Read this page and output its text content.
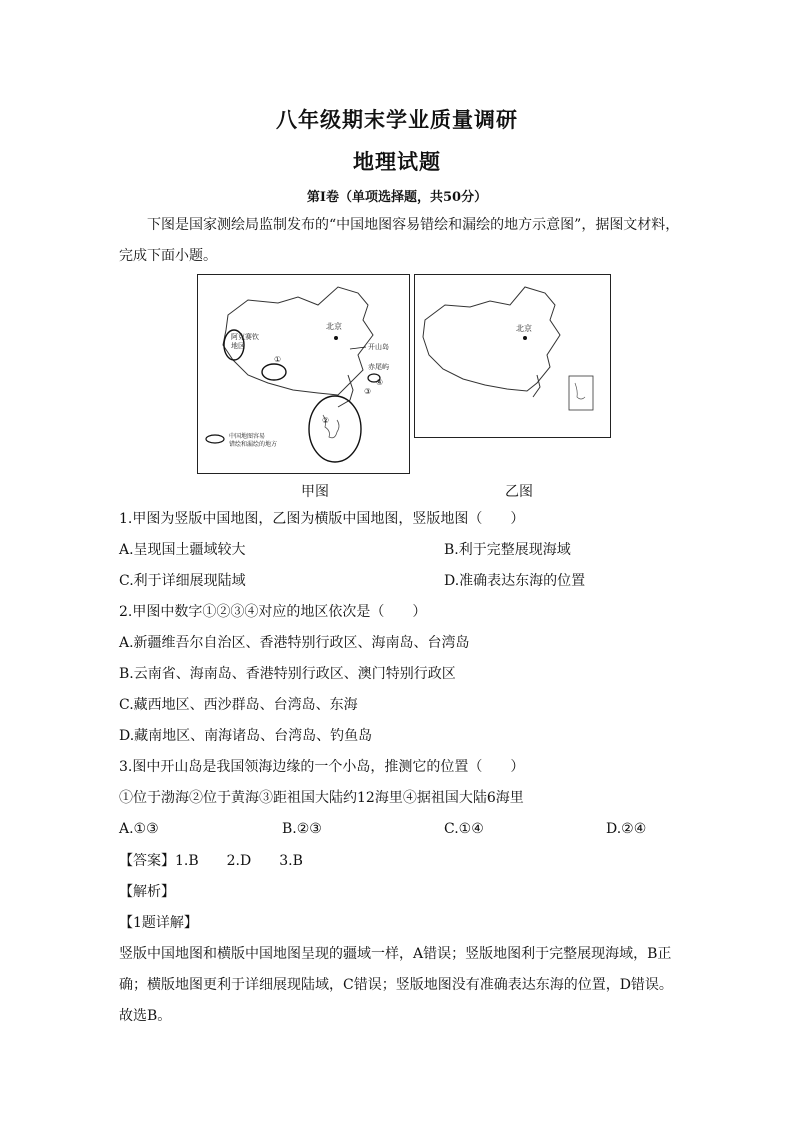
八年级期末学业质量调研
地理试题
第Ⅰ卷（单项选择题，共50分）
下图是国家测绘局监制发布的“中国地图容易错绘和漏绘的地方示意图”，据图文材料，
完成下面小题。
北京
阿克赛钦
地区
①
开山岛
赤尾屿
④
③
②
中国地图容易
错绘和漏绘的地方
北京
甲图	乙图
1.甲图为竖版中国地图，乙图为横版中国地图，竖版地图（　　）
A.呈现国土疆域较大	B.利于完整展现海域
C.利于详细展现陆域	D.准确表达东海的位置
2.甲图中数字①②③④对应的地区依次是（　　）
A.新疆维吾尔自治区、香港特别行政区、海南岛、台湾岛
B.云南省、海南岛、香港特别行政区、澳门特别行政区
C.藏西地区、西沙群岛、台湾岛、东海
D.藏南地区、南海诸岛、台湾岛、钓鱼岛
3.图中开山岛是我国领海边缘的一个小岛，推测它的位置（　　）
①位于渤海②位于黄海③距祖国大陆约12海里④据祖国大陆6海里
A.①③	B.②③	C.①④	D.②④
【答案】1.B　　2.D　　3.B
【解析】
【1题详解】
竖版中国地图和横版中国地图呈现的疆域一样，A错误；竖版地图利于完整展现海域，B正
确；横版地图更利于详细展现陆域，C错误；竖版地图没有准确表达东海的位置，D错误。
故选B。
